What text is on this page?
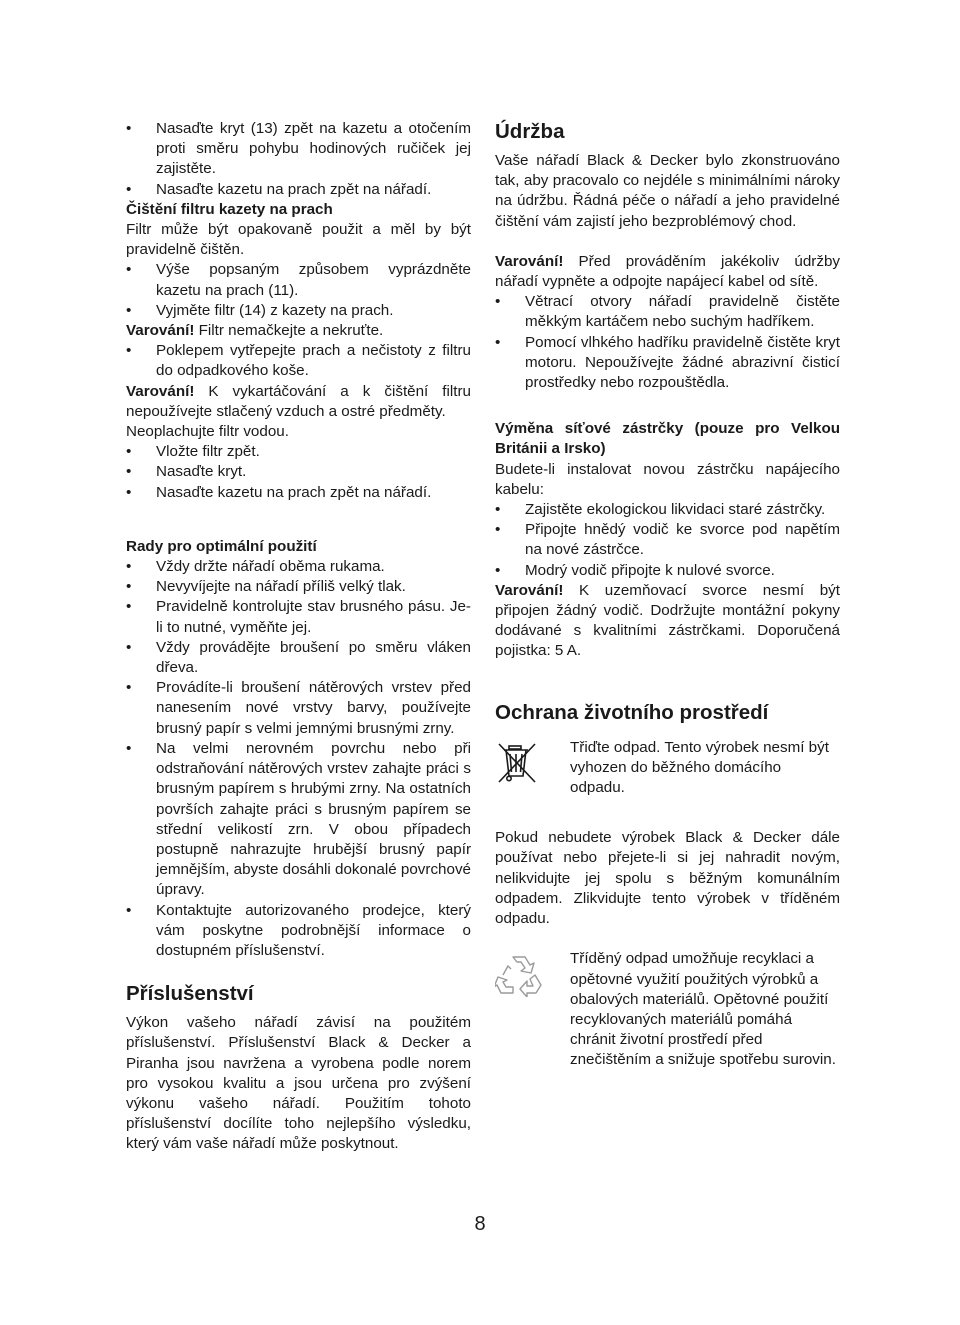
• Nasaďte kryt (13) zpět na kazetu a otočením proti směru pohybu hodinových ručiček jej zajistěte.
• Nasaďte kazetu na prach zpět na nářadí.

Čištění filtru kazety na prach

Filtr může být opakovaně použit a měl by být pravidelně čištěn.

• Výše popsaným způsobem vyprázdněte kazetu na prach (11).
• Vyjměte filtr (14) z kazety na prach.

Varování! Filtr nemačkejte a nekruťte.

• Poklepem vytřepejte prach a nečistoty z filtru do odpadkového koše.

Varování! K vykartáčování a k čištění filtru nepoužívejte stlačený vzduch a ostré předměty.

Neoplachujte filtr vodou.

• Vložte filtr zpět.
• Nasaďte kryt.
• Nasaďte kazetu na prach zpět na nářadí.

Rady pro optimální použití

• Vždy držte nářadí oběma rukama.
• Nevyvíjejte na nářadí příliš velký tlak.
• Pravidelně kontrolujte stav brusného pásu. Je-li to nutné, vyměňte jej.
• Vždy provádějte broušení po směru vláken dřeva.
• Provádíte-li broušení nátěrových vrstev před nanesením nové vrstvy barvy, používejte brusný papír s velmi jemnými brusnými zrny.
• Na velmi nerovném povrchu nebo při odstraňování nátěrových vrstev zahajte práci s brusným papírem s hrubými zrny. Na ostatních površích zahajte práci s brusným papírem se střední velikostí zrn. V obou případech postupně nahrazujte hrubější brusný papír jemnějším, abyste dosáhli dokonalé povrchové úpravy.
• Kontaktujte autorizovaného prodejce, který vám poskytne podrobnější informace o dostupném příslušenství.
Příslušenství

Výkon vašeho nářadí závisí na použitém příslušenství. Příslušenství Black & Decker a Piranha jsou navržena a vyrobena podle norem pro vysokou kvalitu a jsou určena pro zvýšení výkonu vašeho nářadí. Použitím tohoto příslušenství docílíte toho nejlepšího výsledku, který vám vaše nářadí může poskytnout.

Údržba

Vaše nářadí Black & Decker bylo zkonstruováno tak, aby pracovalo co nejdéle s minimálními nároky na údržbu. Řádná péče o nářadí a jeho pravidelné čištění vám zajistí jeho bezproblémový chod.

Varování! Před prováděním jakékoliv údržby nářadí vypněte a odpojte napájecí kabel od sítě.

• Větrací otvory nářadí pravidelně čistěte měkkým kartáčem nebo suchým hadříkem.
• Pomocí vlhkého hadříku pravidelně čistěte kryt motoru. Nepoužívejte žádné abrazivní čisticí prostředky nebo rozpouštědla.

Výměna síťové zástrčky (pouze pro Velkou Británii a Irsko)

Budete-li instalovat novou zástrčku napájecího kabelu:

• Zajistěte ekologickou likvidaci staré zástrčky.
• Připojte hnědý vodič ke svorce pod napětím na nové zástrčce.
• Modrý vodič připojte k nulové svorce.

Varování! K uzemňovací svorce nesmí být připojen žádný vodič. Dodržujte montážní pokyny dodávané s kvalitními zástrčkami. Doporučená pojistka: 5 A.

Ochrana životního prostředí

Třiďte odpad. Tento výrobek nesmí být vyhozen do běžného domácího odpadu.

Pokud nebudete výrobek Black & Decker dále používat nebo přejete-li si jej nahradit novým, nelikvidujte jej spolu s běžným komunálním odpadem. Zlikvidujte tento výrobek v tříděném odpadu.

Tříděný odpad umožňuje recyklaci a opětovné využití použitých výrobků a obalových materiálů. Opětovné použití recyklovaných materiálů pomáhá chránit životní prostředí před znečištěním a snižuje spotřebu surovin.

8
